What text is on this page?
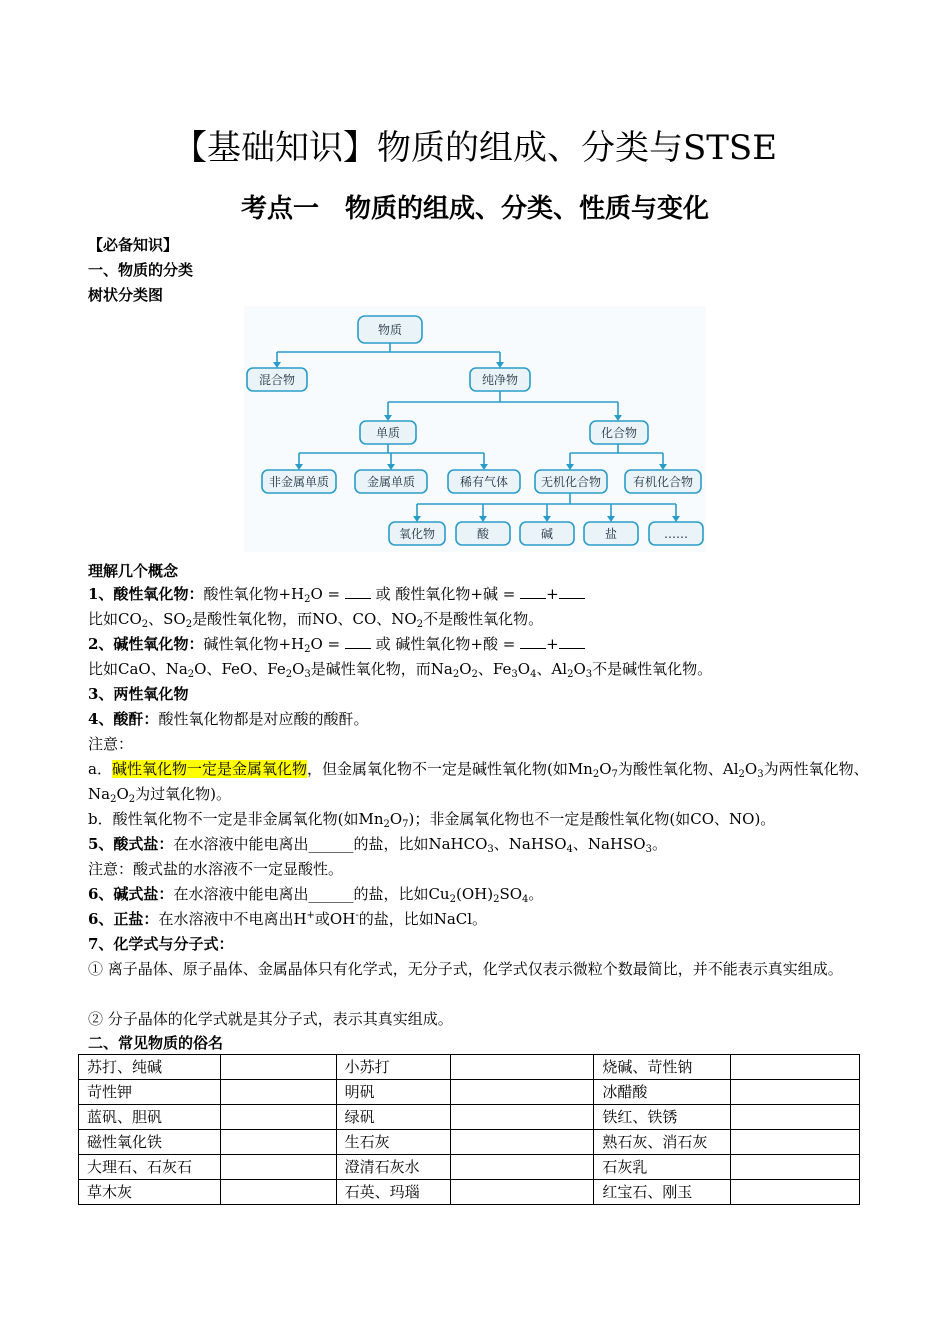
【基础知识】物质的组成、分类与STSE
考点一　物质的组成、分类、性质与变化
【必备知识】
一、物质的分类
树状分类图
物质
混合物	纯净物
单质	化合物
非金属单质	金属单质	稀有气体	无机化合物	有机化合物
氧化物	酸	碱	盐	……
理解几个概念
1、酸性氧化物：酸性氧化物$+H_2O$ =  或 酸性氧化物+碱 = +
比如$CO_2$、$SO_2$是酸性氧化物，而NO、CO、$NO_2$不是酸性氧化物。
2、碱性氧化物：碱性氧化物$+H_2O$ =  或 碱性氧化物+酸 = +
比如CaO、$Na_2O$、FeO、$Fe_2O_3$是碱性氧化物，而$Na_2O_2$、$Fe_3O_4$、$Al_2O_3$不是碱性氧化物。
3、两性氧化物
4、酸酐：酸性氧化物都是对应酸的酸酐。
注意：
a．碱性氧化物一定是金属氧化物，但金属氧化物不一定是碱性氧化物(如$Mn_2O_7$为酸性氧化物、$Al_2O_3$为两性氧化物、$Na_2O_2$为过氧化物)。
b．酸性氧化物不一定是非金属氧化物(如$Mn_2O_7$)；非金属氧化物也不一定是酸性氧化物(如CO、NO)。
5、酸式盐：在水溶液中能电离出______的盐，比如NaHCO$_3$、NaHSO$_4$、NaHSO$_3$。
注意：酸式盐的水溶液不一定显酸性。
6、碱式盐：在水溶液中能电离出______的盐，比如$Cu_2(OH)_2SO_4$。
6、正盐：在水溶液中不电离出H+或OH-的盐，比如NaCl。
7、化学式与分子式：
① 离子晶体、原子晶体、金属晶体只有化学式，无分子式，化学式仅表示微粒个数最简比，并不能表示真实组成。
② 分子晶体的化学式就是其分子式，表示其真实组成。
二、常见物质的俗名
苏打、纯碱		小苏打		烧碱、苛性钠	
苛性钾		明矾		冰醋酸	
蓝矾、胆矾		绿矾		铁红、铁锈	
磁性氧化铁		生石灰		熟石灰、消石灰	
大理石、石灰石		澄清石灰水		石灰乳	
草木灰		石英、玛瑙		红宝石、刚玉	
